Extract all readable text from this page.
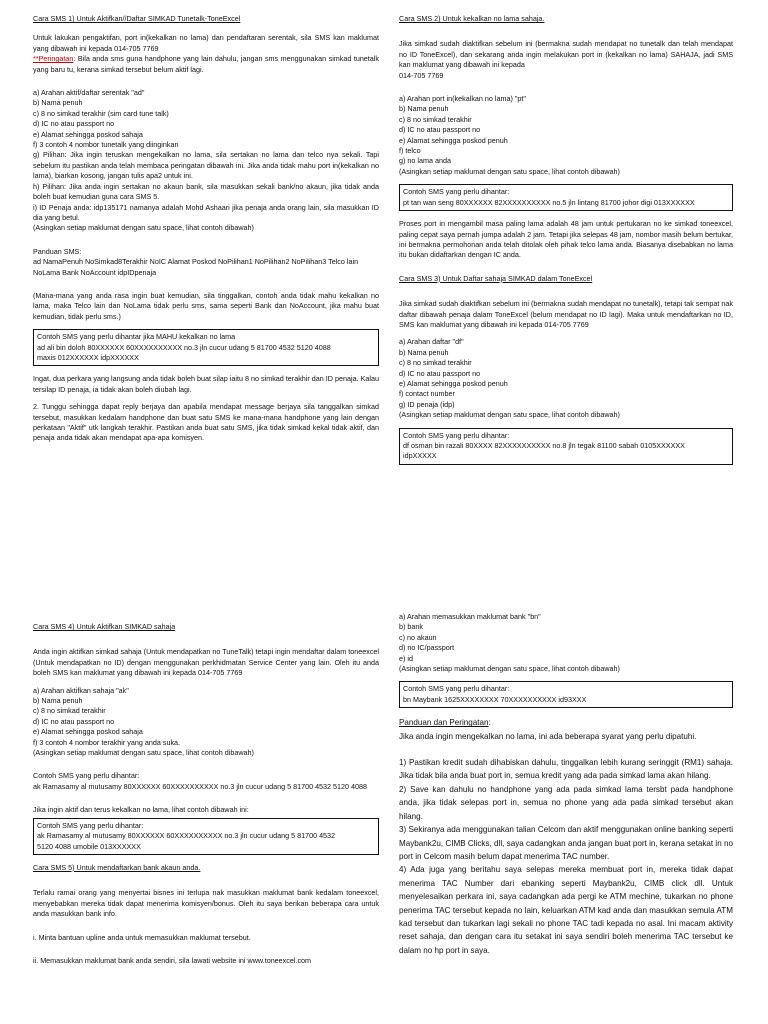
Cara SMS 1) Untuk Aktifkan//Daftar SIMKAD Tunetalk-ToneExcel

Untuk lakukan pengaktifan, port in(kekalkan no lama) dan pendaftaran serentak, sila SMS kan maklumat yang dibawah ini kepada 014-705 7769

**Peringatan: Bila anda sms guna handphone yang lain dahulu, jangan sms menggunakan simkad tunetalk yang baru tu, kerana simkad tersebut belum aktif lagi.

a) Arahan aktif/daftar serentak "ad"
b) Nama penuh
c) 8 no simkad terakhir (sim card tune talk)
d) IC no atau passport no
e) Alamat sehingga poskod sahaja
f) 3 contoh 4 nombor tunetalk yang diinginkan
g) Pilihan: Jika ingin teruskan mengekalkan no lama, sila sertakan no lama dan telco nya sekali. Tapi sebelum itu pastikan anda telah membaca peringatan dibawah ini. Jika anda tidak mahu port in(kekalkan no lama), biarkan kosong, jangan tulis apa2 untuk ini.
h) Pilihan: Jika anda ingin sertakan no akaun bank, sila masukkan sekali bank/no akaun, jika tidak anda boleh buat kemudian guna cara SMS 5.
i) ID Penaja anda: idp135171 namanya adalah Mohd Ashaari jika penaja anda orang lain, sila masukkan ID dia yang betul.
(Asingkan setiap maklumat dengan satu space, lihat contoh dibawah)
Panduan SMS:

ad NamaPenuh NoSimkad8Terakhir NoIC Alamat Poskod NoPilihan1 NoPilihan2 NoPilihan3 Telco lain NoLama Bank NoAccount idpIDpenaja

(Mana-mana yang anda rasa ingin buat kemudian, sila tinggalkan, contoh anda tidak mahu kekalkan no lama, maka Telco lain dan NoLama tidak perlu sms, sama seperti Bank dan NoAccount, jika mahu buat kemudian, tidak perlu sms.)

Contoh SMS yang perlu dihantar jika MAHU kekalkan no lama
ad ali bin doloh 80XXXXXX 60XXXXXXXXXX no.3 jln cucur udang 5 81700 4532 5120 4088
maxis 012XXXXXX idpXXXXXX

Ingat, dua perkara yang langsung anda tidak boleh buat silap iaitu 8 no simkad terakhir dan ID penaja. Kalau tersilap ID penaja, ia tidak akan boleh diubah lagi.

2. Tunggu sehingga dapat reply berjaya dan apabila mendapat message berjaya sila tanggalkan simkad tersebut, masukkan kedalam handphone dan buat satu SMS ke mana-mana handphone yang lain dengan perkataan "Aktif" utk langkah terakhir. Pastikan anda buat satu SMS, jika tidak simkad kekal tidak aktif, dan penaja anda tidak akan mendapat apa-apa komisyen.

Cara SMS 2) Untuk kekalkan no lama sahaja.
Jika simkad sudah diaktifkan sebelum ini (bermakna sudah mendapat no tunetalk dan telah mendapat no ID ToneExcel), dan sekarang anda ingin melakukan port in (kekalkan no lama) SAHAJA, jadi SMS kan maklumat yang dibawah ini kepada

014-705 7769

a) Arahan port in(kekalkan no lama) "pt"
b) Nama penuh
c) 8 no simkad terakhir
d) IC no atau passport no
e) Alamat sehingga poskod penuh
f) telco
g) no lama anda
(Asingkan setiap maklumat dengan satu space, lihat contoh dibawah)
Contoh SMS yang perlu dihantar:
pt tan wan seng 80XXXXXX 82XXXXXXXXXX no.5 jln lintang 81700 johor digi 013XXXXXX

Proses port in mengambil masa paling lama adalah 48 jam untuk pertukaran no ke simkad toneexcel, paling cepat saya pernah jumpa adalah 2 jam. Tetapi jika selepas 48 jam, nombor masih belum bertukar, ini bermakna permohonan anda telah ditolak oleh pihak telco lama anda. Biasanya disebabkan no lama itu bukan didaftarkan dengan IC anda.

Cara SMS 3) Untuk Daftar sahaja SIMKAD dalam ToneExcel

Jika simkad sudah diaktifkan sebelum ini (bermakna sudah mendapat no tunetalk), tetapi tak sempat nak daftar dibawah penaja dalam ToneExcel (belum mendapat no ID lagi). Maka untuk mendaftarkan no ID, SMS kan maklumat yang dibawah ini kepada 014-705 7769

a) Arahan daftar "df"
b) Nama penuh
c) 8 no simkad terakhir
d) IC no atau passport no
e) Alamat sehingga poskod penuh
f) contact number
g) ID penaja (idp)
(Asingkan setiap maklumat dengan satu space, lihat contoh dibawah)
Contoh SMS yang perlu dihantar:
df osman bin razali 80XXXX 82XXXXXXXXXX no.8 jln tegak 81100 sabah 0105XXXXXX
idpXXXXX
Cara SMS 4) Untuk Aktifkan SIMKAD sahaja

Anda ingin aktifkan simkad sahaja (Untuk mendapatkan no TuneTalk) tetapi ingin mendaftar dalam toneexcel (Untuk mendapatkan no ID) dengan menggunakan perkhidmatan Service Center yang lain. Oleh itu anda boleh SMS kan maklumat yang dibawah ini kepada 014-705 7769

a) Arahan aktifkan sahaja "ak"
b) Nama penuh
c) 8 no simkad terakhir
d) IC no atau passport no
e) Alamat sehingga poskod sahaja
f) 3 contoh 4 nombor terakhir yang anda suka.
(Asingkan setiap maklumat dengan satu space, lihat contoh dibawah)
Contoh SMS yang perlu dihantar:

ak Ramasamy al mutusamy 80XXXXXX 60XXXXXXXXXX no.3 jln cucur udang 5 81700 4532 5120 4088

Jika ingin aktif dan terus kekalkan no lama, lihat contoh dibawah ini:
Contoh SMS yang perlu dihantar:
ak Ramasamy al mutusamy 80XXXXXX 60XXXXXXXXXX no.3 jln cucur udang 5 81700 4532
5120 4088 umobile 013XXXXXX
Cara SMS 5) Untuk mendaftarkan bank akaun anda.

Terlalu ramai orang yang menyertai bisnes ini terlupa nak masukkan maklumat bank kedalam toneexcel, menyebabkan mereka tidak dapat menerima komisyen/bonus. Oleh itu saya berikan beberapa cara untuk anda masukkan bank info.

i. Minta bantuan upline anda untuk memasukkan maklumat tersebut.

ii. Memasukkan maklumat bank anda sendiri, sila lawati website ini www.toneexcel.com

a) Arahan memasukkan maklumat bank "bn"
b) bank
c) no akaun
d) no IC/passport
e) id
(Asingkan setiap maklumat dengan satu space, lihat contoh dibawah)
Contoh SMS yang perlu dihantar:
bn Maybank 1625XXXXXXXX 70XXXXXXXXXX id93XXX
Panduan dan Peringatan:

Jika anda ingin mengekalkan no lama, ini ada beberapa syarat yang perlu dipatuhi.

1) Pastikan kredit sudah dihabiskan dahulu, tinggalkan lebih kurang seringgit (RM1) sahaja. Jika tidak bila anda buat port in, semua kredit yang ada pada simkad lama akan hilang.
2) Save kan dahulu no handphone yang ada pada simkad lama tersbt pada handphone anda, jika tidak selepas port in, semua no phone yang ada pada simkad tersebut akan hilang.
3) Sekiranya ada menggunakan talian Celcom dan aktif menggunakan online banking seperti Maybank2u, CIMB Clicks, dll, saya cadangkan anda jangan buat port in, kerana setakat in no port in Celcom masih belum dapat menerima TAC number.
4) Ada juga yang beritahu saya selepas mereka membuat port in, mereka tidak dapat menerima TAC Number dari ebanking seperti Maybank2u, CIMB click dll. Untuk menyelesaikan perkara ini, saya cadangkan ada pergi ke ATM mechine, tukarkan no phone penerima TAC tersebut kepada no lain, keluarkan ATM kad anda dan masukkan semula ATM kad tersebut dan tukarkan lagi sekali no phone TAC tadi kepada no asal. Ini macam aktivity reset sahaja, dan dengan cara itu setakat ini saya sendiri boleh menerima TAC tersebut ke dalam no hp port in saya.
